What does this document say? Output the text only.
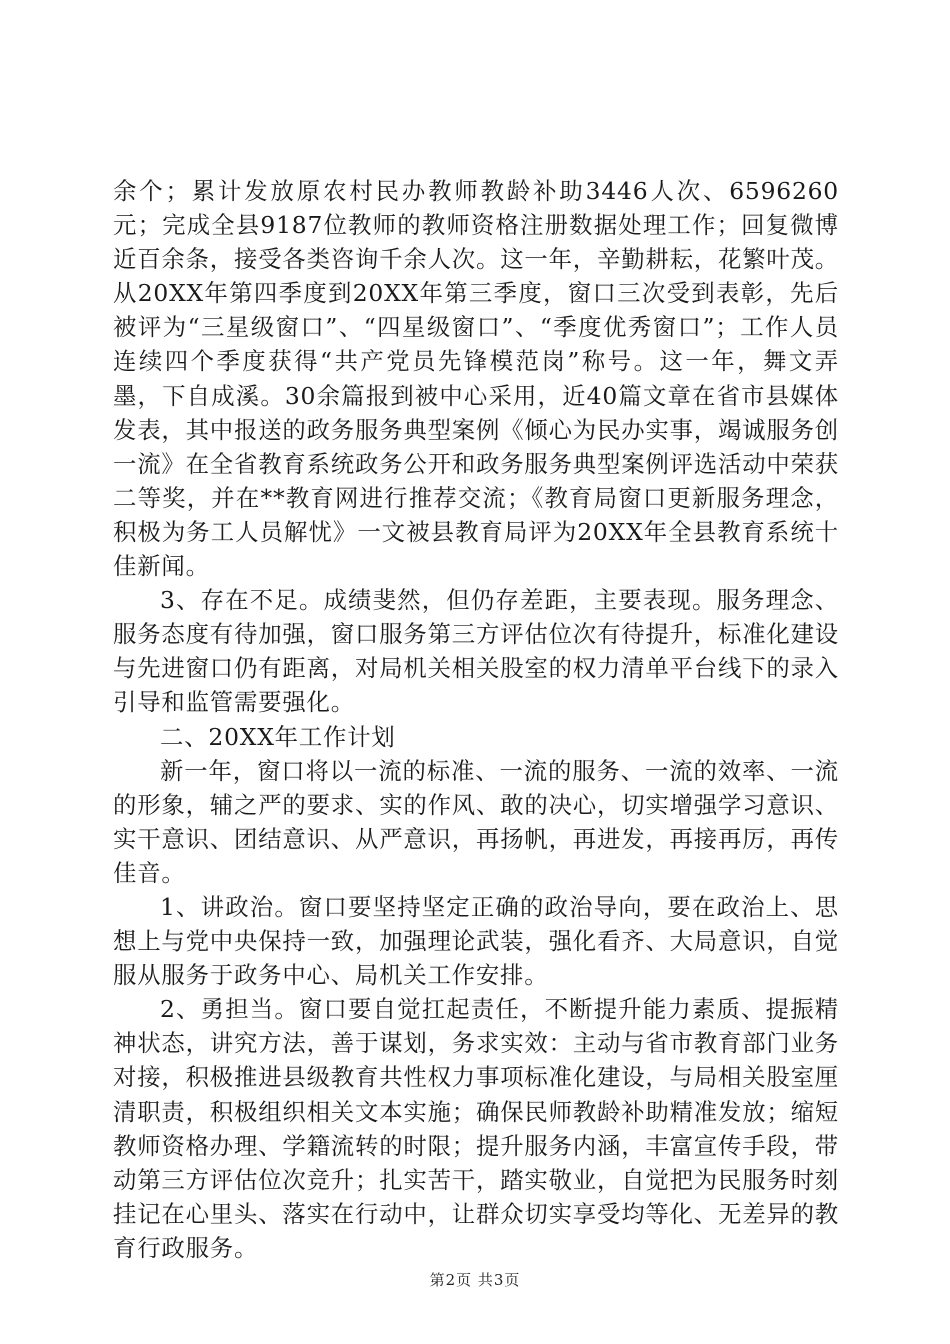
余个；累计发放原农村民办教师教龄补助3446人次、6596260元；完成全县9187位教师的教师资格注册数据处理工作；回复微博近百余条，接受各类咨询千余人次。这一年，辛勤耕耘，花繁叶茂。从20XX年第四季度到20XX年第三季度，窗口三次受到表彰，先后被评为“三星级窗口”、“四星级窗口”、“季度优秀窗口”；工作人员连续四个季度获得“共产党员先锋模范岗”称号。这一年，舞文弄墨，下自成溪。30余篇报到被中心采用，近40篇文章在省市县媒体发表，其中报送的政务服务典型案例《倾心为民办实事，竭诚服务创一流》在全省教育系统政务公开和政务服务典型案例评选活动中荣获二等奖，并在**教育网进行推荐交流；《教育局窗口更新服务理念，积极为务工人员解忧》一文被县教育局评为20XX年全县教育系统十佳新闻。

3、存在不足。成绩斐然，但仍存差距，主要表现。服务理念、服务态度有待加强，窗口服务第三方评估位次有待提升，标准化建设与先进窗口仍有距离，对局机关相关股室的权力清单平台线下的录入引导和监管需要强化。

二、20XX年工作计划

新一年，窗口将以一流的标准、一流的服务、一流的效率、一流的形象，辅之严的要求、实的作风、敢的决心，切实增强学习意识、实干意识、团结意识、从严意识，再扬帆，再进发，再接再厉，再传佳音。

1、讲政治。窗口要坚持坚定正确的政治导向，要在政治上、思想上与党中央保持一致，加强理论武装，强化看齐、大局意识，自觉服从服务于政务中心、局机关工作安排。

2、勇担当。窗口要自觉扛起责任，不断提升能力素质、提振精神状态，讲究方法，善于谋划，务求实效：主动与省市教育部门业务对接，积极推进县级教育共性权力事项标准化建设，与局相关股室厘清职责，积极组织相关文本实施；确保民师教龄补助精准发放；缩短教师资格办理、学籍流转的时限；提升服务内涵，丰富宣传手段，带动第三方评估位次竞升；扎实苦干，踏实敬业，自觉把为民服务时刻挂记在心里头、落实在行动中，让群众切实享受均等化、无差异的教育行政服务。

第2页 共3页
